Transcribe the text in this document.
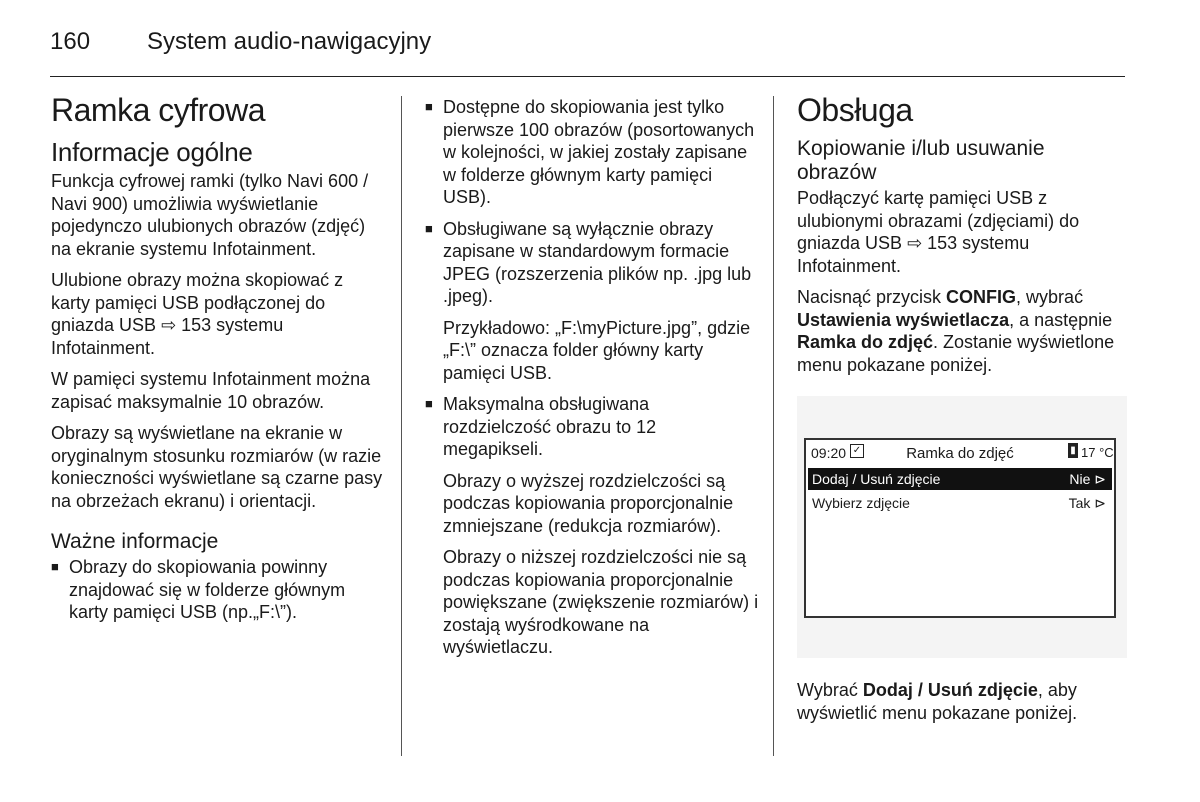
160 System audio-nawigacyjny
Ramka cyfrowa
Informacje ogólne

Funkcja cyfrowej ramki (tylko Navi 600 / Navi 900) umożliwia wyświetlanie pojedynczo ulubionych obrazów (zdjęć) na ekranie systemu Infotainment.

Ulubione obrazy można skopiować z karty pamięci USB podłączonej do gniazda USB ⇨ 153 systemu Infotainment.

W pamięci systemu Infotainment można zapisać maksymalnie 10 obrazów.

Obrazy są wyświetlane na ekranie w oryginalnym stosunku rozmiarów (w razie konieczności wyświetlane są czarne pasy na obrzeżach ekranu) i orientacji.

Ważne informacje
■ Obrazy do skopiowania powinny znajdować się w folderze głównym karty pamięci USB (np.„F:\”).
■ Dostępne do skopiowania jest tylko pierwsze 100 obrazów (posortowanych w kolejności, w jakiej zostały zapisane w folderze głównym karty pamięci USB).
■ Obsługiwane są wyłącznie obrazy zapisane w standardowym formacie JPEG (rozszerzenia plików np. .jpg lub .jpeg).

Przykładowo: „F:\myPicture.jpg”, gdzie „F:\” oznacza folder główny karty pamięci USB.

■ Maksymalna obsługiwana rozdzielczość obrazu to 12 megapikseli.

Obrazy o wyższej rozdzielczości są podczas kopiowania proporcjonalnie zmniejszane (redukcja rozmiarów).

Obrazy o niższej rozdzielczości nie są podczas kopiowania proporcjonalnie powiększane (zwiększenie rozmiarów) i zostają wyśrodkowane na wyświetlaczu.

Obsługa
Kopiowanie i/lub usuwanie obrazów

Podłączyć kartę pamięci USB z ulubionymi obrazami (zdjęciami) do gniazda USB ⇨ 153 systemu Infotainment.

Nacisnąć przycisk CONFIG, wybrać Ustawienia wyświetlacza, a następnie Ramka do zdjęć. Zostanie wyświetlone menu pokazane poniżej.

09:20 ✓	Ramka do zdjęć	▮ 17 °C
Dodaj / Usuń zdjęcie	Nie ⊳
Wybierz zdjęcie	Tak ⊳

Wybrać Dodaj / Usuń zdjęcie, aby wyświetlić menu pokazane poniżej.
